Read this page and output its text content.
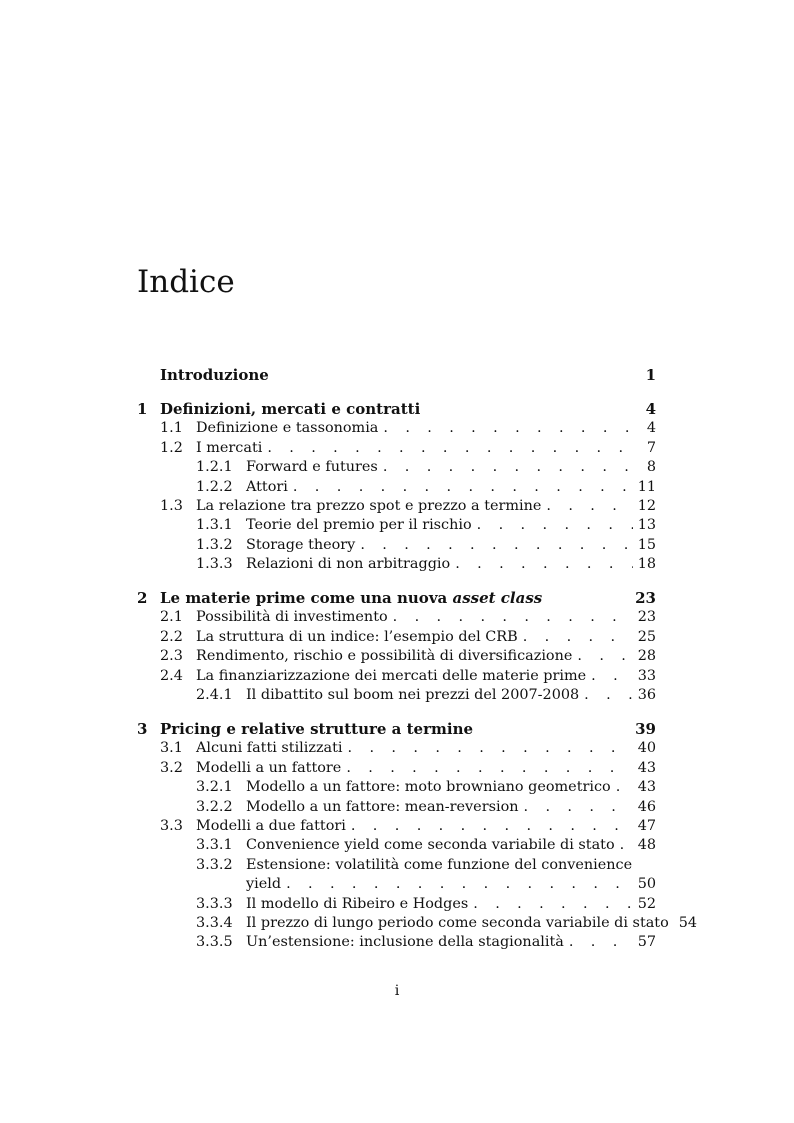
Indice
Introduzione	1
1 Definizioni, mercati e contratti	4
1.1 Definizione e tassonomia . . .	4
1.2 I mercati . . .	7
1.2.1 Forward e futures . . .	8
1.2.2 Attori . . .	11
1.3 La relazione tra prezzo spot e prezzo a termine . . .	12
1.3.1 Teorie del premio per il rischio . . .	13
1.3.2 Storage theory . . .	15
1.3.3 Relazioni di non arbitraggio . . .	18
2 Le materie prime come una nuova asset class	23
2.1 Possibilità di investimento . . .	23
2.2 La struttura di un indice: l’esempio del CRB . . .	25
2.3 Rendimento, rischio e possibilità di diversificazione . . .	28
2.4 La finanziarizzazione dei mercati delle materie prime . . .	33
2.4.1 Il dibattito sul boom nei prezzi del 2007-2008 . . .	36
3 Pricing e relative strutture a termine	39
3.1 Alcuni fatti stilizzati . . .	40
3.2 Modelli a un fattore . . .	43
3.2.1 Modello a un fattore: moto browniano geometrico . . . 43
3.2.2 Modello a un fattore: mean-reversion . . .	46
3.3 Modelli a due fattori . . .	47
3.3.1 Convenience yield come seconda variabile di stato . . . 48
3.3.2 Estensione: volatilità come funzione del convenience
yield . . .	50
3.3.3 Il modello di Ribeiro e Hodges . . .	52
3.3.4 Il prezzo di lungo periodo come seconda variabile di stato 54
3.3.5 Un’estensione: inclusione della stagionalità . . .	57
i
